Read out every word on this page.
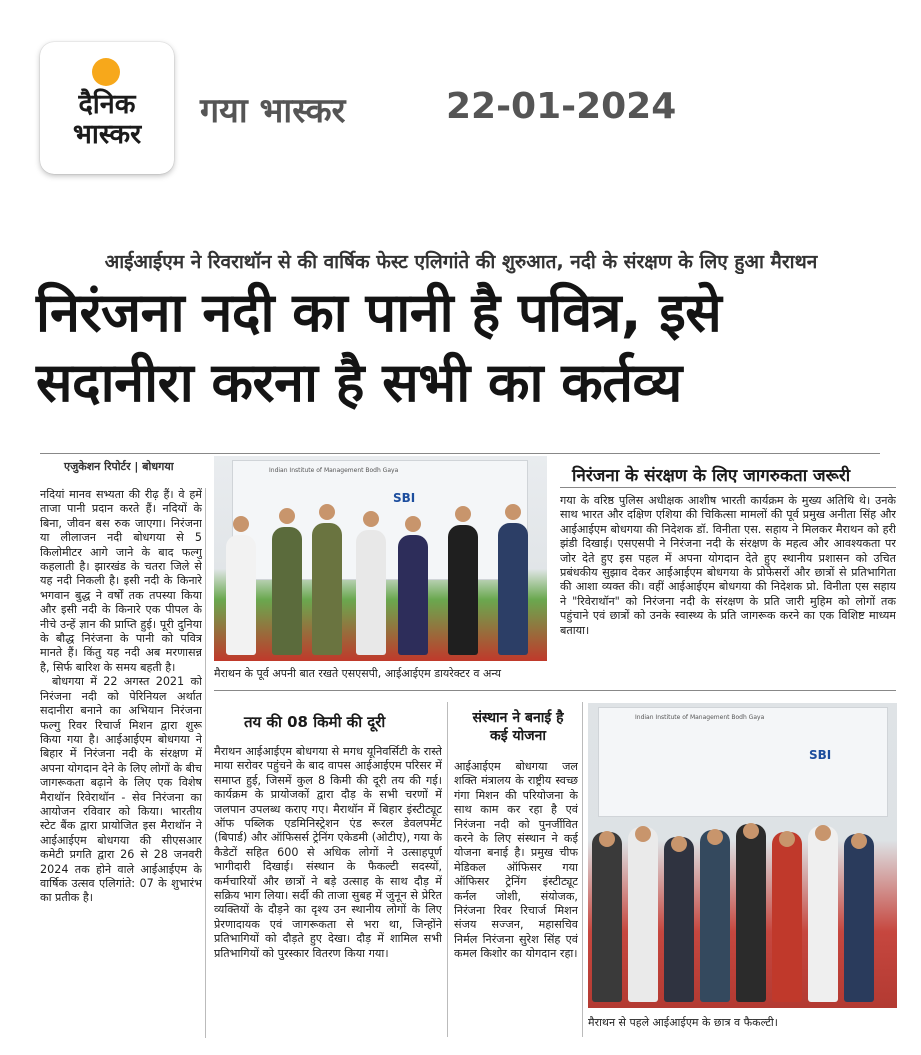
दैनिक
भास्कर
गया भास्कर	22-01-2024
आईआईएम ने रिवराथॉन से की वार्षिक फेस्ट एलिगांते की शुरुआत, नदी के संरक्षण के लिए हुआ मैराथन
निरंजना नदी का पानी है पवित्र, इसे सदानीरा करना है सभी का कर्तव्य
एजुकेशन रिपोर्टर | बोधगया

नदियां मानव सभ्यता की रीढ़ हैं। वे हमें ताजा पानी प्रदान करते हैं। नदियों के बिना, जीवन बस रुक जाएगा। निरंजना या लीलाजन नदी बोधगया से 5 किलोमीटर आगे जाने के बाद फल्गु कहलाती है। झारखंड के चतरा जिले से यह नदी निकली है। इसी नदी के किनारे भगवान बुद्ध ने वर्षों तक तपस्या किया और इसी नदी के किनारे एक पीपल के नीचे उन्हें ज्ञान की प्राप्ति हुई। पूरी दुनिया के बौद्ध निरंजना के पानी को पवित्र मानते हैं। किंतु यह नदी अब मरणासन्न है, सिर्फ बारिश के समय बहती है।

बोधगया में 22 अगस्त 2021 को निरंजना नदी को पेरिनियल अर्थात सदानीरा बनाने का अभियान निरंजना फल्गु रिवर रिचार्ज मिशन द्वारा शुरू किया गया है। आईआईएम बोधगया ने बिहार में निरंजना नदी के संरक्षण में अपना योगदान देने के लिए लोगों के बीच जागरूकता बढ़ाने के लिए एक विशेष मैराथॉन रिवेराथॉन - सेव निरंजना का आयोजन रविवार को किया। भारतीय स्टेट बैंक द्वारा प्रायोजित इस मैराथॉन ने आईआईएम बोधगया की सीएसआर कमेटी प्रगति द्वारा 26 से 28 जनवरी 2024 तक होने वाले आईआईएम के वार्षिक उत्सव एलिगांते: 07 के शुभारंभ का प्रतीक है।

Indian Institute of Management Bodh Gaya
SBI
मैराथन के पूर्व अपनी बात रखते एसएसपी, आईआईएम डायरेक्टर व अन्य
निरंजना के संरक्षण के लिए जागरुकता जरूरी
गया के वरिष्ठ पुलिस अधीक्षक आशीष भारती कार्यक्रम के मुख्य अतिथि थे। उनके साथ भारत और दक्षिण एशिया की चिकित्सा मामलों की पूर्व प्रमुख अनीता सिंह और आईआईएम बोधगया की निदेशक डॉ. विनीता एस. सहाय ने मिलकर मैराथन को हरी झंडी दिखाई। एसएसपी ने निरंजना नदी के संरक्षण के महत्व और आवश्यकता पर जोर देते हुए इस पहल में अपना योगदान देते हुए स्थानीय प्रशासन को उचित प्रबंधकीय सुझाव देकर आईआईएम बोधगया के प्रोफेसरों और छात्रों से प्रतिभागिता की आशा व्यक्त की। वहीं आईआईएम बोधगया की निदेशक प्रो. विनीता एस सहाय ने "रिवेराथॉन" को निरंजना नदी के संरक्षण के प्रति जारी मुहिम को लोगों तक पहुंचाने एवं छात्रों को उनके स्वास्थ्य के प्रति जागरूक करने का एक विशिष्ट माध्यम बताया।
तय की 08 किमी की दूरी
मैराथन आईआईएम बोधगया से मगध यूनिवर्सिटी के रास्ते माया सरोवर पहुंचने के बाद वापस आईआईएम परिसर में समाप्त हुई, जिसमें कुल 8 किमी की दूरी तय की गई। कार्यक्रम के प्रायोजकों द्वारा दौड़ के सभी चरणों में जलपान उपलब्ध कराए गए। मैराथॉन में बिहार इंस्टीट्यूट ऑफ पब्लिक एडमिनिस्ट्रेशन एंड रूरल डेवलपमेंट (बिपार्ड) और ऑफिसर्स ट्रेनिंग एकेडमी (ओटीए), गया के कैडेटों सहित 600 से अधिक लोगों ने उत्साहपूर्ण भागीदारी दिखाई। संस्थान के फैकल्टी सदस्यों, कर्मचारियों और छात्रों ने बड़े उत्साह के साथ दौड़ में सक्रिय भाग लिया। सर्दी की ताजा सुबह में जुनून से प्रेरित व्यक्तियों के दौड़ने का दृश्य उन स्थानीय लोगों के लिए प्रेरणादायक एवं जागरूकता से भरा था, जिन्होंने प्रतिभागियों को दौड़ते हुए देखा। दौड़ में शामिल सभी प्रतिभागियों को पुरस्कार वितरण किया गया।
संस्थान ने बनाई है कई योजना
आईआईएम बोधगया जल शक्ति मंत्रालय के राष्ट्रीय स्वच्छ गंगा मिशन की परियोजना के साथ काम कर रहा है एवं निरंजना नदी को पुनर्जीवित करने के लिए संस्थान ने कई योजना बनाई है। प्रमुख चीफ मेडिकल ऑफिसर गया ऑफिसर ट्रेनिंग इंस्टीट्यूट कर्नल जोशी, संयोजक, निरंजना रिवर रिचार्ज मिशन संजय सज्जन, महासचिव निर्मल निरंजना सुरेश सिंह एवं कमल किशोर का योगदान रहा।
Indian Institute of Management Bodh Gaya
SBI
मैराथन से पहले आईआईएम के छात्र व फैकल्टी।
